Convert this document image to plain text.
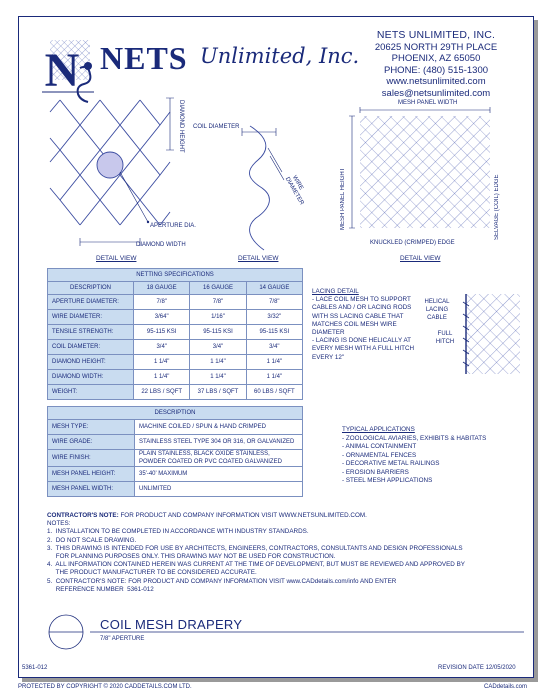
N NETS Unlimited, Inc.
NETS UNLIMITED, INC.
20625 NORTH 29TH PLACE
PHOENIX, AZ 65050
PHONE: (480) 515-1300
www.netsunlimited.com
sales@netsunlimited.com
DIAMOND HEIGHT
APERTURE DIA.
DIAMOND WIDTH
DETAIL VIEW
COIL DIAMETER
WIRE DIAMETER
DETAIL VIEW
MESH PANEL WIDTH
MESH PANEL HEIGHT	SELVAGE (COIL) EDGE
KNUCKLED (CRIMPED) EDGE
DETAIL VIEW
NETTING SPECIFICATIONS			
DESCRIPTION	18 GAUGE	16 GAUGE	14 GAUGE
APERTURE DIAMETER:	7/8"	7/8"	7/8"
WIRE DIAMETER:	3/64"	1/16"	3/32"
TENSILE STRENGTH:	95-115 KSI	95-115 KSI	95-115 KSI
COIL DIAMETER:	3/4"	3/4"	3/4"
DIAMOND HEIGHT:	1 1/4"	1 1/4"	1 1/4"
DIAMOND WIDTH:	1 1/4"	1 1/4"	1 1/4"
WEIGHT:	22 LBS / SQFT	37 LBS / SQFT	60 LBS / SQFT
DESCRIPTION	
MESH TYPE:	MACHINE COILED / SPUN & HAND CRIMPED
WIRE GRADE:	STAINLESS STEEL TYPE 304 OR 316, OR GALVANIZED
WIRE FINISH:	PLAIN STAINLESS, BLACK OXIDE STAINLESS, POWDER COATED OR PVC COATED GALVANIZED
MESH PANEL HEIGHT:	35'-40' MAXIMUM
MESH PANEL WIDTH:	UNLIMITED
LACING DETAIL
- LACE COIL MESH TO SUPPORT
CABLES AND / OR LACING RODS
WITH SS LACING CABLE THAT
MATCHES COIL MESH WIRE
DIAMETER
- LACING IS DONE HELICALLY AT
EVERY MESH WITH A FULL HITCH
EVERY 12"
HELICAL
LACING
CABLE
FULL
HITCH
TYPICAL APPLICATIONS
- ZOOLOGICAL AVIARIES, EXHIBITS & HABITATS
- ANIMAL CONTAINMENT
- ORNAMENTAL FENCES
- DECORATIVE METAL RAILINGS
- EROSION BARRIERS
- STEEL MESH APPLICATIONS
CONTRACTOR'S NOTE: FOR PRODUCT AND COMPANY INFORMATION VISIT WWW.NETSUNLIMITED.COM.
NOTES:
1.  INSTALLATION TO BE COMPLETED IN ACCORDANCE WITH INDUSTRY STANDARDS.
2.  DO NOT SCALE DRAWING.
3.  THIS DRAWING IS INTENDED FOR USE BY ARCHITECTS, ENGINEERS, CONTRACTORS, CONSULTANTS AND DESIGN PROFESSIONALS
FOR PLANNING PURPOSES ONLY. THIS DRAWING MAY NOT BE USED FOR CONSTRUCTION.
4.  ALL INFORMATION CONTAINED HEREIN WAS CURRENT AT THE TIME OF DEVELOPMENT, BUT MUST BE REVIEWED AND APPROVED BY
THE PRODUCT MANUFACTURER TO BE CONSIDERED ACCURATE.
5.  CONTRACTOR'S NOTE: FOR PRODUCT AND COMPANY INFORMATION VISIT www.CADdetails.com/info AND ENTER
REFERENCE NUMBER  5361-012
COIL MESH DRAPERY
7/8" APERTURE
5361-012	REVISION DATE 12/05/2020
PROTECTED BY COPYRIGHT © 2020 CADDETAILS.COM LTD.	CADdetails.com
